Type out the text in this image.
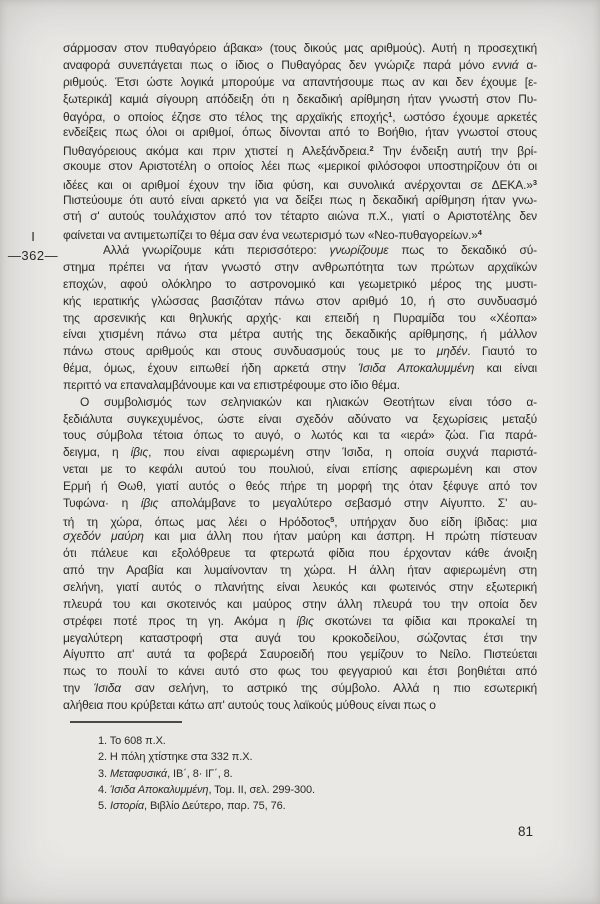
I
—362—
σάρμοσαν στον πυθαγόρειο άβακα» (τους δικούς μας αριθμούς). Αυτή η προσεχτική
αναφορά συνεπάγεται πως ο ίδιος ο Πυθαγόρας δεν γνώριζε παρά μόνο εννιά α-
ριθμούς. Έτσι ώστε λογικά μπορούμε να απαντήσουμε πως αν και δεν έχουμε [ε-
ξωτερικά] καμιά σίγουρη απόδειξη ότι η δεκαδική αρίθμηση ήταν γνωστή στον Πυ-
θαγόρα, ο οποίος έζησε στο τέλος της αρχαϊκής εποχής$^1$, ωστόσο έχουμε αρκετές
ενδείξεις πως όλοι οι αριθμοί, όπως δίνονται από το Βοήθιο, ήταν γνωστοί στους
Πυθαγόρειους ακόμα και πριν χτιστεί η Αλεξάνδρεια.$^2$ Την ένδειξη αυτή την βρί-
σκουμε στον Αριστοτέλη ο οποίος λέει πως «μερικοί φιλόσοφοι υποστηρίζουν ότι οι
ιδέες και οι αριθμοί έχουν την ίδια φύση, και συνολικά ανέρχονται σε ΔΕΚΑ.»$^3$
Πιστεύουμε ότι αυτό είναι αρκετό για να δείξει πως η δεκαδική αρίθμηση ήταν γνω-
στή σ' αυτούς τουλάχιστον από τον τέταρτο αιώνα π.Χ., γιατί ο Αριστοτέλης δεν
φαίνεται να αντιμετωπίζει το θέμα σαν ένα νεωτερισμό των «Νεο-πυθαγορείων.»$^4$
Αλλά γνωρίζουμε κάτι περισσότερο: γνωρίζουμε πως το δεκαδικό σύ-
στημα πρέπει να ήταν γνωστό στην ανθρωπότητα των πρώτων αρχαϊκών
εποχών, αφού ολόκληρο το αστρονομικό και γεωμετρικό μέρος της μυστι-
κής ιερατικής γλώσσας βασιζόταν πάνω στον αριθμό 10, ή στο συνδυασμό
της αρσενικής και θηλυκής αρχής· και επειδή η Πυραμίδα του «Χέοπα»
είναι χτισμένη πάνω στα μέτρα αυτής της δεκαδικής αρίθμησης, ή μάλλον
πάνω στους αριθμούς και στους συνδυασμούς τους με το μηδέν. Γιαυτό το
θέμα, όμως, έχουν ειπωθεί ήδη αρκετά στην Ίσιδα Αποκαλυμμένη και είναι
περιττό να επαναλαμβάνουμε και να επιστρέφουμε στο ίδιο θέμα.
Ο συμβολισμός των σεληνιακών και ηλιακών Θεοτήτων είναι τόσο α-
ξεδιάλυτα συγκεχυμένος, ώστε είναι σχεδόν αδύνατο να ξεχωρίσεις μεταξύ
τους σύμβολα τέτοια όπως το αυγό, ο λωτός και τα «ιερά» ζώα. Για παρά-
δειγμα, η ίβις, που είναι αφιερωμένη στην Ίσιδα, η οποία συχνά παριστά-
νεται με το κεφάλι αυτού του πουλιού, είναι επίσης αφιερωμένη και στον
Ερμή ή Θωθ, γιατί αυτός ο θεός πήρε τη μορφή της όταν ξέφυγε από τον
Τυφώνα· η ίβις απολάμβανε το μεγαλύτερο σεβασμό στην Αίγυπτο. Σ' αυ-
τή τη χώρα, όπως μας λέει ο Ηρόδοτος$^5$, υπήρχαν δυο είδη ίβιδας: μια
σχεδόν μαύρη και μια άλλη που ήταν μαύρη και άσπρη. Η πρώτη πίστευαν
ότι πάλευε και εξολόθρευε τα φτερωτά φίδια που έρχονταν κάθε άνοιξη
από την Αραβία και λυμαίνονταν τη χώρα. Η άλλη ήταν αφιερωμένη στη
σελήνη, γιατί αυτός ο πλανήτης είναι λευκός και φωτεινός στην εξωτερική
πλευρά του και σκοτεινός και μαύρος στην άλλη πλευρά του την οποία δεν
στρέφει ποτέ προς τη γη. Ακόμα η ίβις σκοτώνει τα φίδια και προκαλεί τη
μεγαλύτερη καταστροφή στα αυγά του κροκοδείλου, σώζοντας έτσι την
Αίγυπτο απ' αυτά τα φοβερά Σαυροειδή που γεμίζουν το Νείλο. Πιστεύεται
πως το πουλί το κάνει αυτό στο φως του φεγγαριού και έτσι βοηθιέται από
την Ίσιδα σαν σελήνη, το αστρικό της σύμβολο. Αλλά η πιο εσωτερική
αλήθεια που κρύβεται κάτω απ' αυτούς τους λαϊκούς μύθους είναι πως ο
1. Το 608 π.Χ.
2. Η πόλη χτίστηκε στα 332 π.Χ.
3. Μεταφυσικά, ΙΒ΄, 8· ΙΓ΄, 8.
4. Ίσιδα Αποκαλυμμένη, Τομ. II, σελ. 299-300.
5. Ιστορία, Βιβλίο Δεύτερο, παρ. 75, 76.
81
